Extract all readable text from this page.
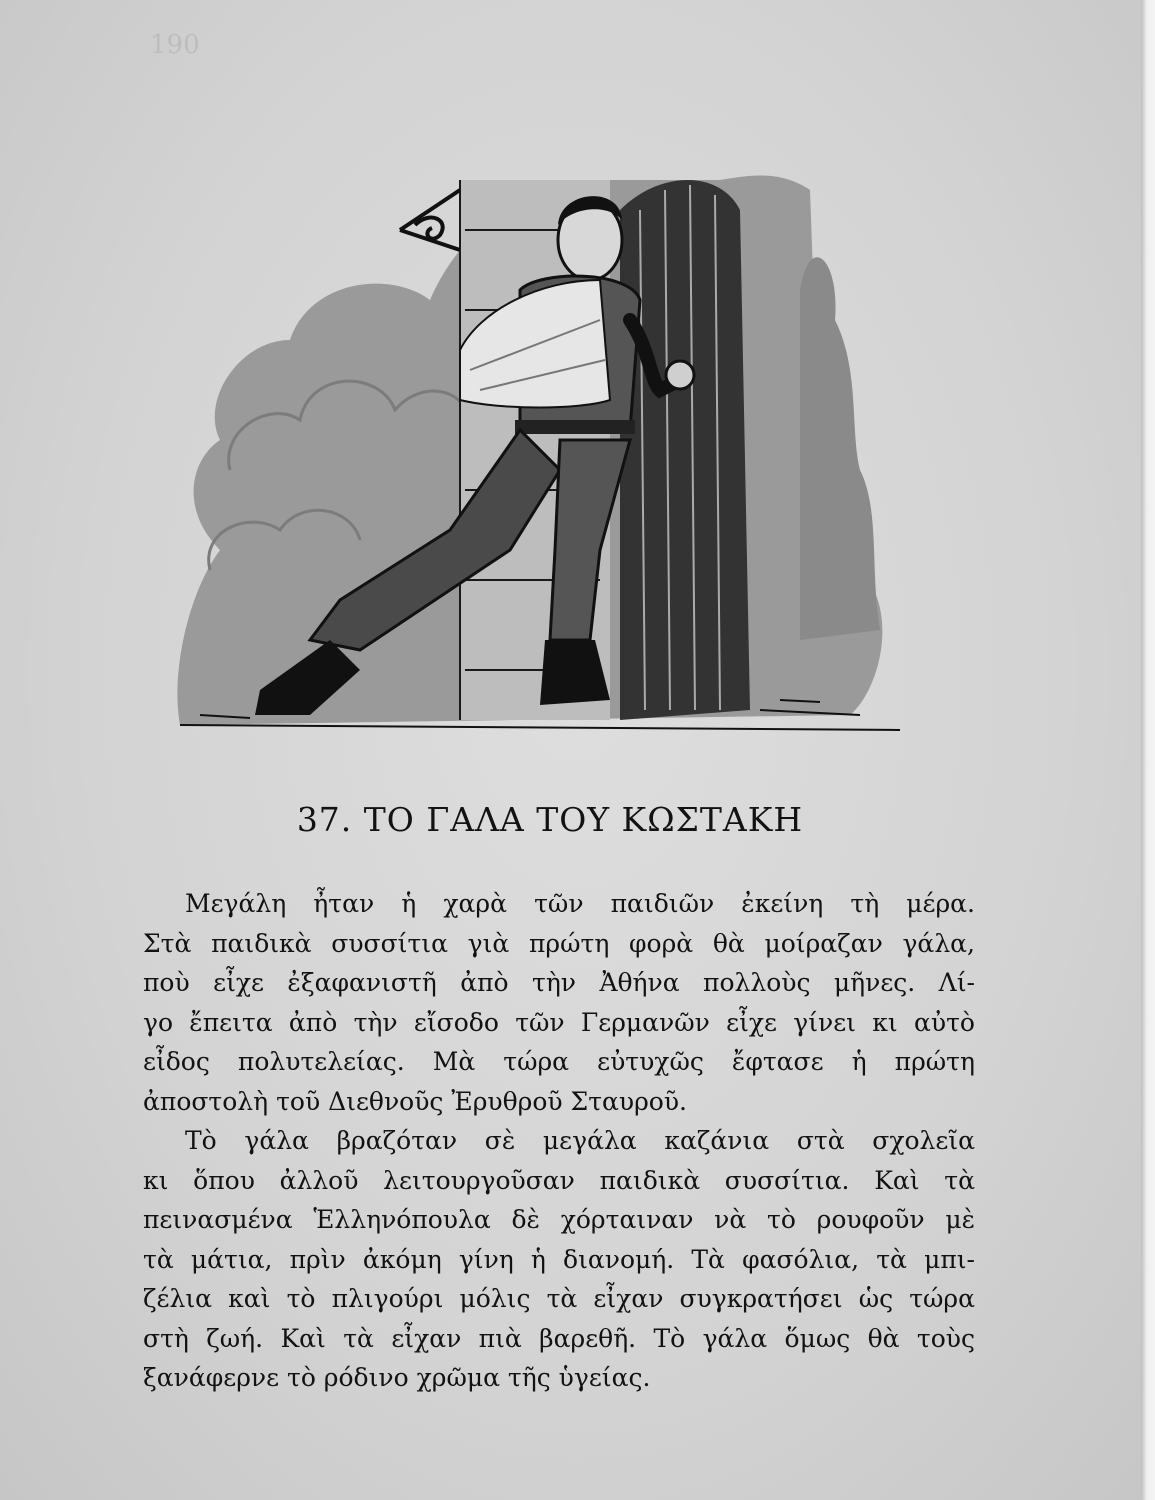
190
37. ΤΟ ΓΑΛΑ ΤΟΥ ΚΩΣΤΑΚΗ

Μεγάλη ἦταν ἡ χαρὰ τῶν παιδιῶν ἐκείνη τὴ μέρα.
Στὰ παιδικὰ συσσίτια γιὰ πρώτη φορὰ θὰ μοίραζαν γάλα,
ποὺ εἶχε ἐξαφανιστῆ ἀπὸ τὴν Ἀθήνα πολλοὺς μῆνες. Λί-
γο ἔπειτα ἀπὸ τὴν εἴσοδο τῶν Γερμανῶν εἶχε γίνει κι αὐτὸ
εἶδος πολυτελείας. Μὰ τώρα εὐτυχῶς ἔφτασε ἡ πρώτη
ἀποστολὴ τοῦ Διεθνοῦς Ἐρυθροῦ Σταυροῦ.

Τὸ γάλα βραζόταν σὲ μεγάλα καζάνια στὰ σχολεῖα
κι ὅπου ἀλλοῦ λειτουργοῦσαν παιδικὰ συσσίτια. Καὶ τὰ
πεινασμένα Ἑλληνόπουλα δὲ χόρταιναν νὰ τὸ ρουφοῦν μὲ
τὰ μάτια, πρὶν ἀκόμη γίνη ἡ διανομή. Τὰ φασόλια, τὰ μπι-
ζέλια καὶ τὸ πλιγούρι μόλις τὰ εἶχαν συγκρατήσει ὡς τώρα
στὴ ζωή. Καὶ τὰ εἶχαν πιὰ βαρεθῆ. Τὸ γάλα ὅμως θὰ τοὺς
ξανάφερνε τὸ ρόδινο χρῶμα τῆς ὑγείας.
